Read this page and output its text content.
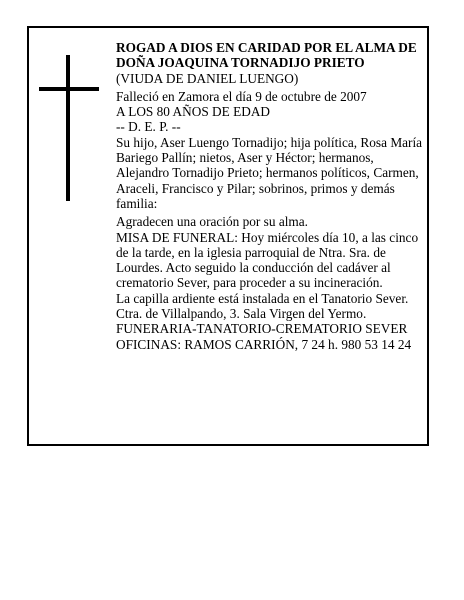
ROGAD A DIOS EN CARIDAD POR EL ALMA DE

DOÑA JOAQUINA TORNADIJO PRIETO

(VIUDA DE DANIEL LUENGO)

Falleció en Zamora el día 9 de octubre de 2007

A LOS 80 AÑOS DE EDAD

-- D. E. P. --

Su hijo, Aser Luengo Tornadijo; hija política, Rosa María Bariego Pallín; nietos, Aser y Héctor; hermanos, Alejandro Tornadijo Prieto; hermanos políticos, Carmen, Araceli, Francisco y Pilar; sobrinos, primos y demás familia:

Agradecen una oración por su alma.

MISA DE FUNERAL: Hoy miércoles día 10, a las cinco de la tarde, en la iglesia parroquial de Ntra. Sra. de Lourdes. Acto seguido la conducción del cadáver al crematorio Sever, para proceder a su incineración.

La capilla ardiente está instalada en el Tanatorio Sever. Ctra. de Villalpando, 3. Sala Virgen del Yermo.

FUNERARIA-TANATORIO-CREMATORIO SEVER

OFICINAS: RAMOS CARRIÓN, 7 24 h. 980 53 14 24
